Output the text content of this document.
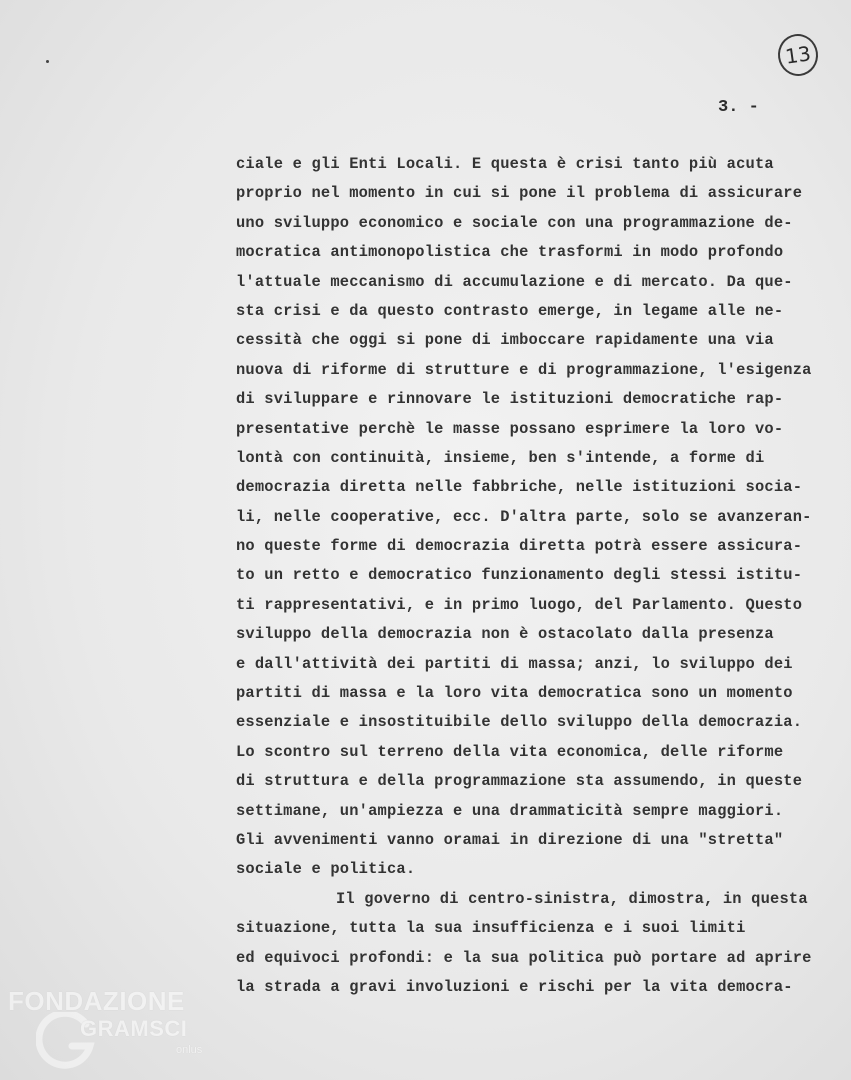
13
3. -
ciale e gli Enti Locali. E questa è crisi tanto più acuta
proprio nel momento in cui si pone il problema di assicurare
uno sviluppo economico e sociale con una programmazione de-
mocratica antimonopolistica che trasformi in modo profondo
l'attuale meccanismo di accumulazione e di mercato. Da que-
sta crisi e da questo contrasto emerge, in legame alle ne-
cessità che oggi si pone di imboccare rapidamente una via
nuova di riforme di strutture e di programmazione, l'esigenza
di sviluppare e rinnovare le istituzioni democratiche rap-
presentative perchè le masse possano esprimere la loro vo-
lontà con continuità, insieme, ben s'intende, a forme di
democrazia diretta nelle fabbriche, nelle istituzioni socia-
li, nelle cooperative, ecc. D'altra parte, solo se avanzeran-
no queste forme di democrazia diretta potrà essere assicura-
to un retto e democratico funzionamento degli stessi istitu-
ti rappresentativi, e in primo luogo, del Parlamento. Questo
sviluppo della democrazia non è ostacolato dalla presenza
e dall'attività dei partiti di massa; anzi, lo sviluppo dei
partiti di massa e la loro vita democratica sono un momento
essenziale e insostituibile dello sviluppo della democrazia.
Lo scontro sul terreno della vita economica, delle riforme
di struttura e della programmazione sta assumendo, in queste
settimane, un'ampiezza e una drammaticità sempre maggiori.
Gli avvenimenti vanno oramai in direzione di una "stretta"
sociale e politica.
Il governo di centro-sinistra, dimostra, in questa
situazione, tutta la sua insufficienza e i suoi limiti
ed equivoci profondi: e la sua politica può portare ad aprire
la strada a gravi involuzioni e rischi per la vita democra-
FONDAZIONE
GRAMSCI
onlus
